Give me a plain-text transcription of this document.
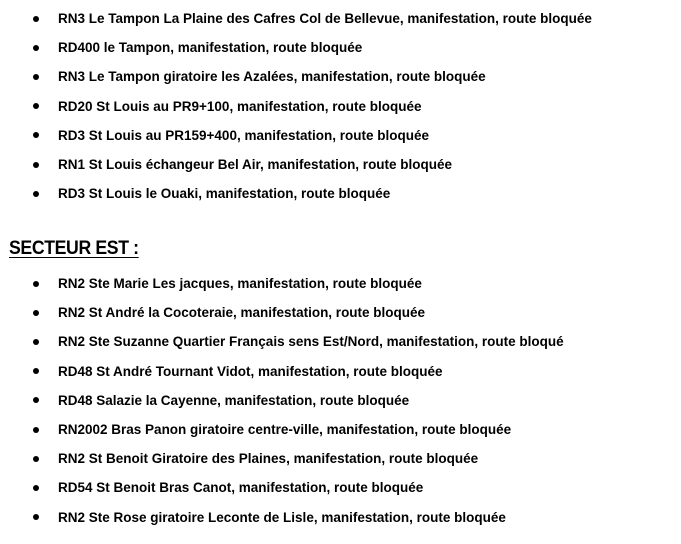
RN3 Le Tampon La Plaine des Cafres Col de Bellevue, manifestation, route bloquée
RD400 le Tampon, manifestation, route bloquée
RN3 Le Tampon giratoire les Azalées, manifestation, route bloquée
RD20 St Louis au PR9+100, manifestation, route bloquée
RD3 St Louis au PR159+400, manifestation, route bloquée
RN1 St Louis échangeur Bel Air, manifestation, route bloquée
RD3 St Louis le Ouaki, manifestation, route bloquée
SECTEUR EST :
RN2 Ste Marie Les jacques, manifestation, route bloquée
RN2 St André la Cocoteraie, manifestation, route bloquée
RN2 Ste Suzanne Quartier Français sens Est/Nord, manifestation, route bloqué
RD48 St André Tournant Vidot, manifestation, route bloquée
RD48 Salazie la Cayenne, manifestation, route bloquée
RN2002 Bras Panon giratoire centre-ville, manifestation, route bloquée
RN2 St Benoit Giratoire des Plaines, manifestation, route bloquée
RD54 St Benoit Bras Canot, manifestation, route bloquée
RN2 Ste Rose giratoire Leconte de Lisle, manifestation, route bloquée
